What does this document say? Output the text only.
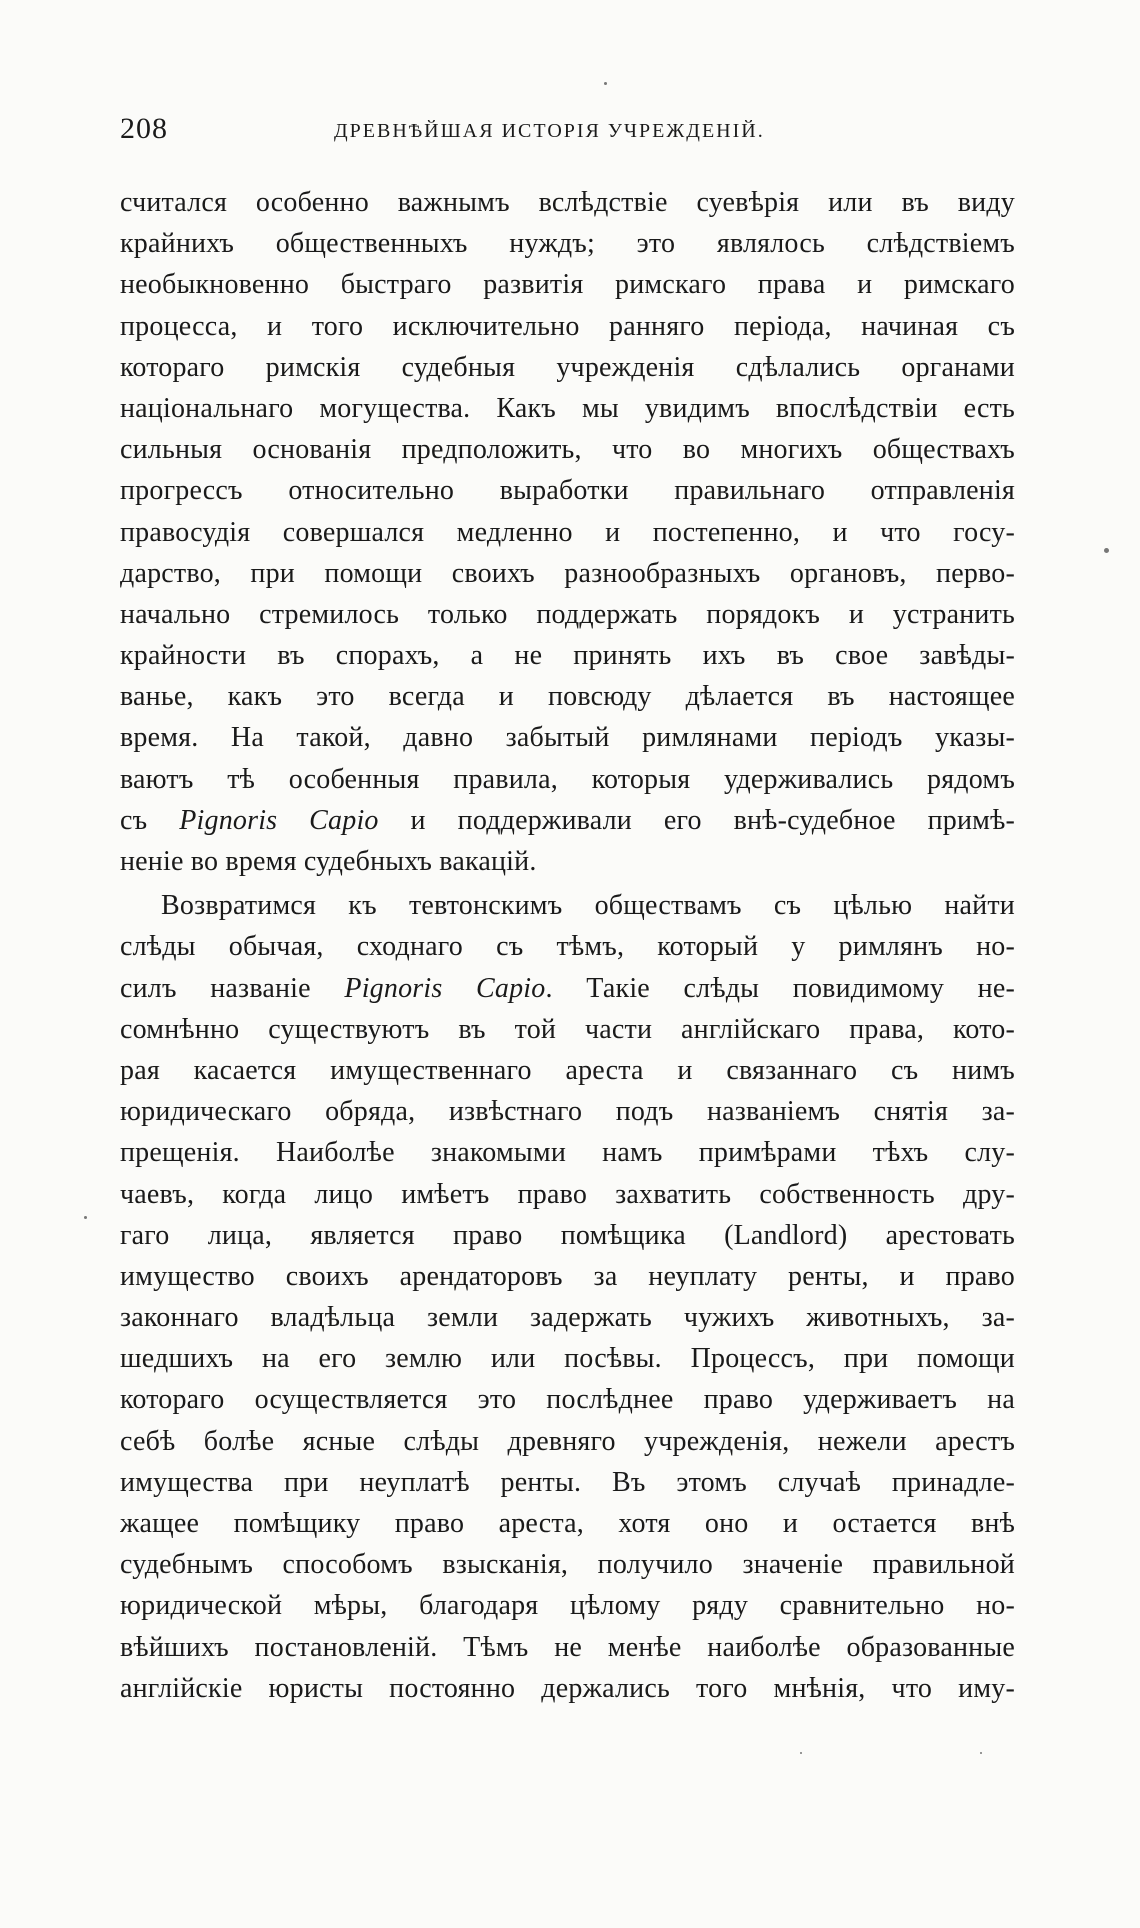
208	ДРЕВНѢЙШАЯ ИСТОРІЯ УЧРЕЖДЕНІЙ.
считался особенно важнымъ вслѣдствіе суевѣрія или въ виду
крайнихъ общественныхъ нуждъ; это являлось слѣдствіемъ
необыкновенно быстраго развитія римскаго права и римскаго
процесса, и того исключительно ранняго періода, начиная съ
котораго римскія судебныя учрежденія сдѣлались органами
національнаго могущества. Какъ мы увидимъ впослѣдствіи есть
сильныя основанія предположить, что во многихъ обществахъ
прогрессъ относительно выработки правильнаго отправленія
правосудія совершался медленно и постепенно, и что госу-
дарство, при помощи своихъ разнообразныхъ органовъ, перво-
начально стремилось только поддержать порядокъ и устранить
крайности въ спорахъ, а не принять ихъ въ свое завѣды-
ванье, какъ это всегда и повсюду дѣлается въ настоящее
время. На такой, давно забытый римлянами періодъ указы-
ваютъ тѣ особенныя правила, которыя удерживались рядомъ
съ Pignoris Capio и поддерживали его внѣ-судебное примѣ-
неніе во время судебныхъ вакацій.
Возвратимся къ тевтонскимъ обществамъ съ цѣлью найти
слѣды обычая, сходнаго съ тѣмъ, который у римлянъ но-
силъ названіе Pignoris Capio. Такіе слѣды повидимому не-
сомнѣнно существуютъ въ той части англійскаго права, кото-
рая касается имущественнаго ареста и связаннаго съ нимъ
юридическаго обряда, извѣстнаго подъ названіемъ снятія за-
прещенія. Наиболѣе знакомыми намъ примѣрами тѣхъ слу-
чаевъ, когда лицо имѣетъ право захватить собственность дру-
гаго лица, является право помѣщика (Landlord) арестовать
имущество своихъ арендаторовъ за неуплату ренты, и право
законнаго владѣльца земли задержать чужихъ животныхъ, за-
шедшихъ на его землю или посѣвы. Процессъ, при помощи
котораго осуществляется это послѣднее право удерживаетъ на
себѣ болѣе ясные слѣды древняго учрежденія, нежели арестъ
имущества при неуплатѣ ренты. Въ этомъ случаѣ принадле-
жащее помѣщику право ареста, хотя оно и остается внѣ
судебнымъ способомъ взысканія, получило значеніе правильной
юридической мѣры, благодаря цѣлому ряду сравнительно но-
вѣйшихъ постановленій. Тѣмъ не менѣе наиболѣе образованные
англійскіе юристы постоянно держались того мнѣнія, что иму-
